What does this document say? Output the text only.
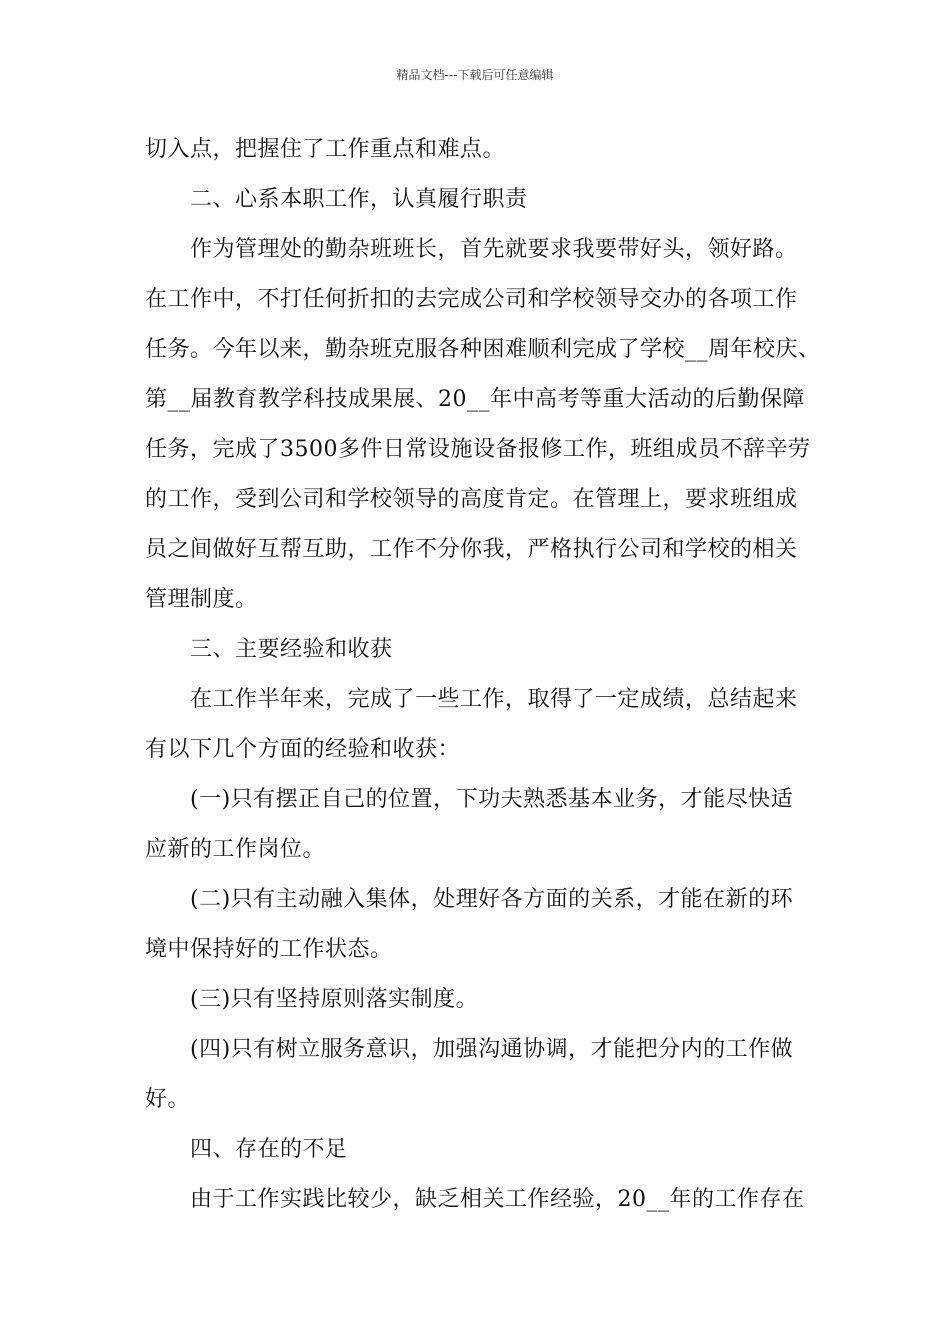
精品文档---下载后可任意编辑
切入点，把握住了工作重点和难点。
二、心系本职工作，认真履行职责
作为管理处的勤杂班班长，首先就要求我要带好头，领好路。
在工作中，不打任何折扣的去完成公司和学校领导交办的各项工作
任务。今年以来，勤杂班克服各种困难顺利完成了学校__周年校庆、
第__届教育教学科技成果展、20__年中高考等重大活动的后勤保障
任务，完成了3500多件日常设施设备报修工作，班组成员不辞辛劳
的工作，受到公司和学校领导的高度肯定。在管理上，要求班组成
员之间做好互帮互助，工作不分你我，严格执行公司和学校的相关
管理制度。
三、主要经验和收获
在工作半年来，完成了一些工作，取得了一定成绩，总结起来
有以下几个方面的经验和收获：
(一)只有摆正自己的位置，下功夫熟悉基本业务，才能尽快适
应新的工作岗位。
(二)只有主动融入集体，处理好各方面的关系，才能在新的环
境中保持好的工作状态。
(三)只有坚持原则落实制度。
(四)只有树立服务意识，加强沟通协调，才能把分内的工作做
好。
四、存在的不足
由于工作实践比较少，缺乏相关工作经验，20__年的工作存在
